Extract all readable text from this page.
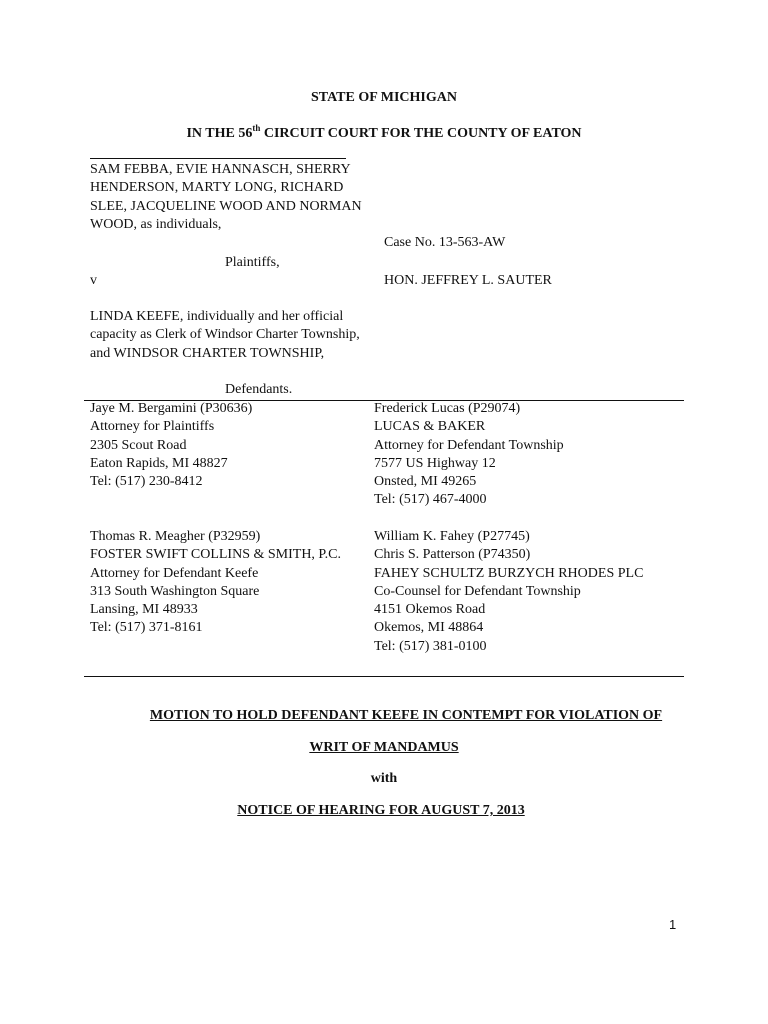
STATE OF MICHIGAN
IN THE 56th CIRCUIT COURT FOR THE COUNTY OF EATON
SAM FEBBA, EVIE HANNASCH, SHERRY
HENDERSON, MARTY LONG, RICHARD
SLEE, JACQUELINE WOOD AND NORMAN
WOOD, as individuals,
Case No. 13-563-AW
Plaintiffs,
v	HON. JEFFREY L. SAUTER
LINDA KEEFE, individually and her official
capacity as Clerk of Windsor Charter Township,
and WINDSOR CHARTER TOWNSHIP,
Defendants.
Jaye M. Bergamini (P30636)
Attorney for Plaintiffs
2305 Scout Road
Eaton Rapids, MI 48827
Tel: (517) 230-8412
Thomas R. Meagher (P32959)
FOSTER SWIFT COLLINS & SMITH, P.C.
Attorney for Defendant Keefe
313 South Washington Square
Lansing, MI 48933
Tel: (517) 371-8161
Frederick Lucas (P29074)
LUCAS & BAKER
Attorney for Defendant Township
7577 US Highway 12
Onsted, MI 49265
Tel: (517) 467-4000
William K. Fahey (P27745)
Chris S. Patterson (P74350)
FAHEY SCHULTZ BURZYCH RHODES PLC
Co-Counsel for Defendant Township
4151 Okemos Road
Okemos, MI 48864
Tel: (517) 381-0100
MOTION TO HOLD DEFENDANT KEEFE IN CONTEMPT FOR VIOLATION OF
WRIT OF MANDAMUS
with
NOTICE OF HEARING FOR AUGUST 7, 2013
1
